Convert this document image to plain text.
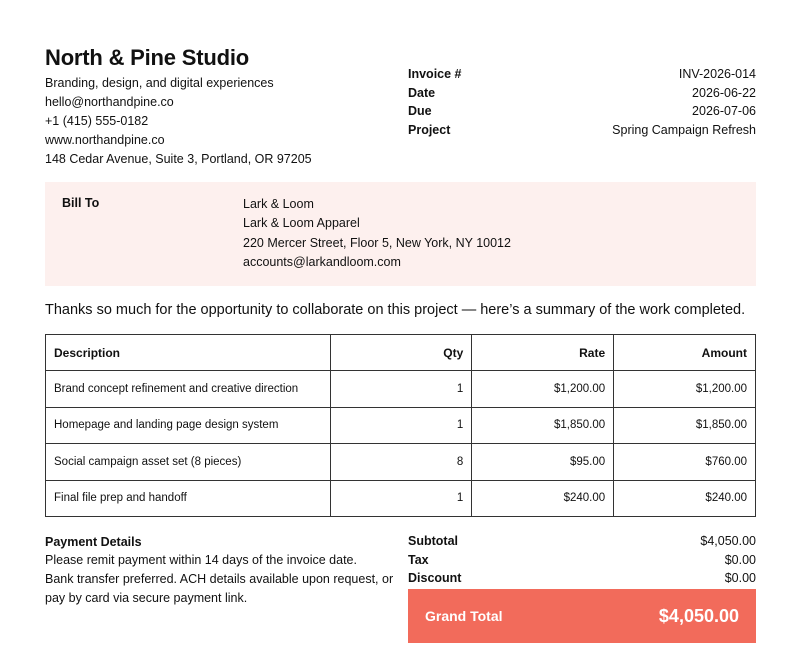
North & Pine Studio
Branding, design, and digital experiences
hello@northandpine.co
+1 (415) 555-0182
www.northandpine.co
148 Cedar Avenue, Suite 3, Portland, OR 97205
Invoice #	INV-2026-014
Date	2026-06-22
Due	2026-07-06
Project	Spring Campaign Refresh
Bill To	Lark & Loom
Lark & Loom Apparel
220 Mercer Street, Floor 5, New York, NY 10012
accounts@larkandloom.com
Thanks so much for the opportunity to collaborate on this project — here’s a summary of the work completed.
Description	Qty	Rate	Amount
Brand concept refinement and creative direction	1	$1,200.00	$1,200.00
Homepage and landing page design system	1	$1,850.00	$1,850.00
Social campaign asset set (8 pieces)	8	$95.00	$760.00
Final file prep and handoff	1	$240.00	$240.00
Payment Details
Please remit payment within 14 days of the invoice date.
Bank transfer preferred. ACH details available upon request, or
pay by card via secure payment link.
Subtotal	$4,050.00
Tax	$0.00
Discount	$0.00
Grand Total	$4,050.00
